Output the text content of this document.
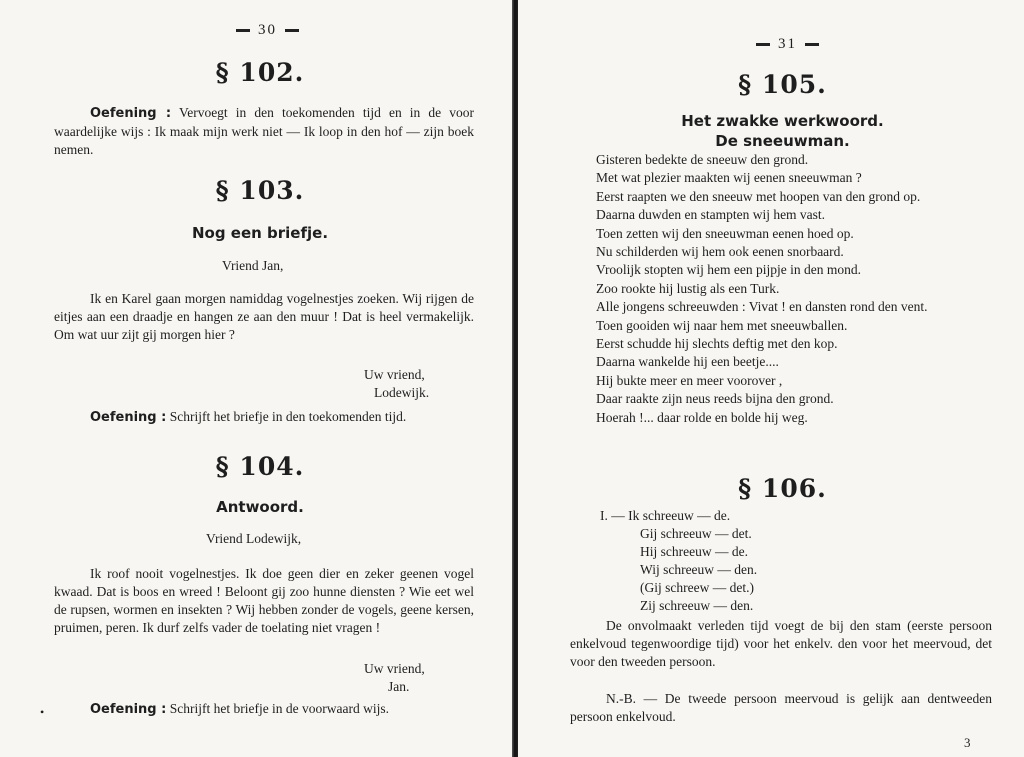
30
§ 102.

Oefening : Vervoegt in den toekomenden tijd en in de voor waardelijke wijs : Ik maak mijn werk niet — Ik loop in den hof — zijn boek nemen.

§ 103.
Nog een briefje.
Vriend Jan,

Ik en Karel gaan morgen namiddag vogelnestjes zoeken. Wij rijgen de eitjes aan een draadje en hangen ze aan den muur ! Dat is heel vermakelijk. Om wat uur zijt gij morgen hier ?

Uw vriend,
Lodewijk.

Oefening : Schrijft het briefje in den toekomenden tijd.

§ 104.
Antwoord.
Vriend Lodewijk,

Ik roof nooit vogelnestjes. Ik doe geen dier en zeker geenen vogel kwaad. Dat is boos en wreed ! Beloont gij zoo hunne diensten ? Wie eet wel de rupsen, wormen en insekten ? Wij hebben zonder de vogels, geene kersen, pruimen, peren. Ik durf zelfs vader de toelating niet vragen !

Uw vriend,
Jan.

Oefening : Schrijft het briefje in de voorwaard wijs.

•
31
§ 105.
Het zwakke werkwoord.
De sneeuwman.
Gisteren bedekte de sneeuw den grond.
Met wat plezier maakten wij eenen sneeuwman ?
Eerst raapten we den sneeuw met hoopen van den grond op.
Daarna duwden en stampten wij hem vast.
Toen zetten wij den sneeuwman eenen hoed op.
Nu schilderden wij hem ook eenen snorbaard.
Vroolijk stopten wij hem een pijpje in den mond.
Zoo rookte hij lustig als een Turk.
Alle jongens schreeuwden : Vivat ! en dansten rond den vent.
Toen gooiden wij naar hem met sneeuwballen.
Eerst schudde hij slechts deftig met den kop.
Daarna wankelde hij een beetje....
Hij bukte meer en meer voorover ,
Daar raakte zijn neus reeds bijna den grond.
Hoerah !... daar rolde en bolde hij weg.
§ 106.
I. — Ik schreeuw — de.
Gij schreeuw — det.
Hij schreeuw — de.
Wij schreeuw — den.
(Gij schreew — det.)
Zij schreeuw — den.

De onvolmaakt verleden tijd voegt de bij den stam (eerste persoon enkelvoud tegenwoordige tijd) voor het enkelv. den voor het meervoud, det voor den tweeden persoon.

N.-B. — De tweede persoon meervoud is gelijk aan dentweeden persoon enkelvoud.

3
